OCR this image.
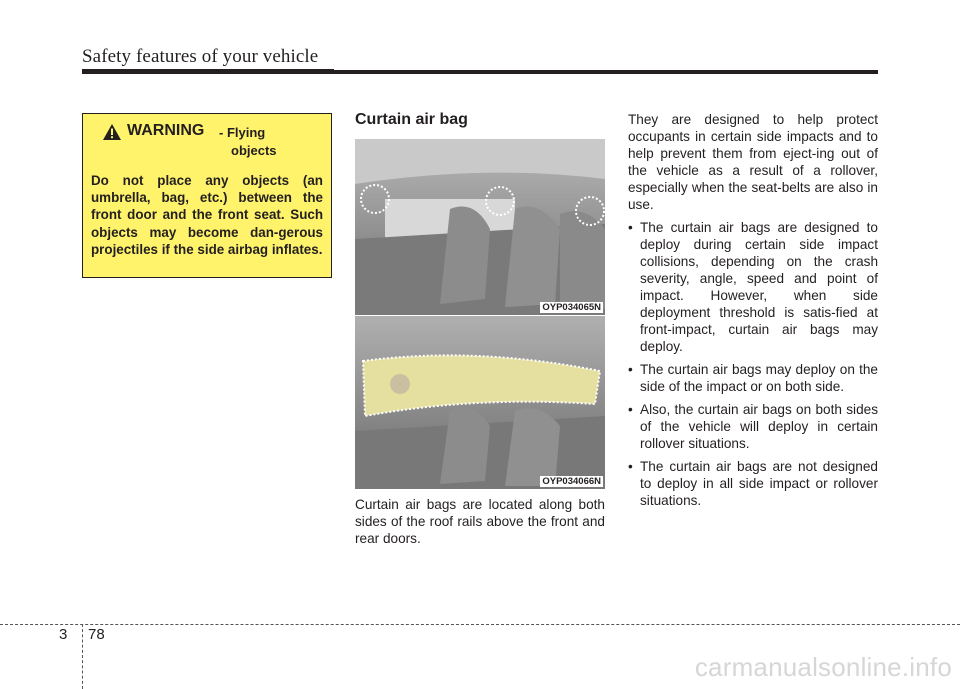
Safety features of your vehicle
WARNING - Flying
objects
Do not place any objects (an umbrella, bag, etc.) between the front door and the front seat. Such objects may become dan-gerous projectiles if the side airbag inflates.
Curtain air bag
OYP034065N
OYP034066N
Curtain air bags are located along both sides of the roof rails above the front and rear doors.

They are designed to help protect occupants in certain side impacts and to help prevent them from eject-ing out of the vehicle as a result of a rollover, especially when the seat-belts are also in use.

• The curtain air bags are designed to deploy during certain side impact collisions, depending on the crash severity, angle, speed and point of impact. However, when side deployment threshold is satis-fied at front-impact, curtain air bags may deploy.
• The curtain air bags may deploy on the side of the impact or on both side.
• Also, the curtain air bags on both sides of the vehicle will deploy in certain rollover situations.
• The curtain air bags are not designed to deploy in all side impact or rollover situations.
3 78
carmanualsonline.info
